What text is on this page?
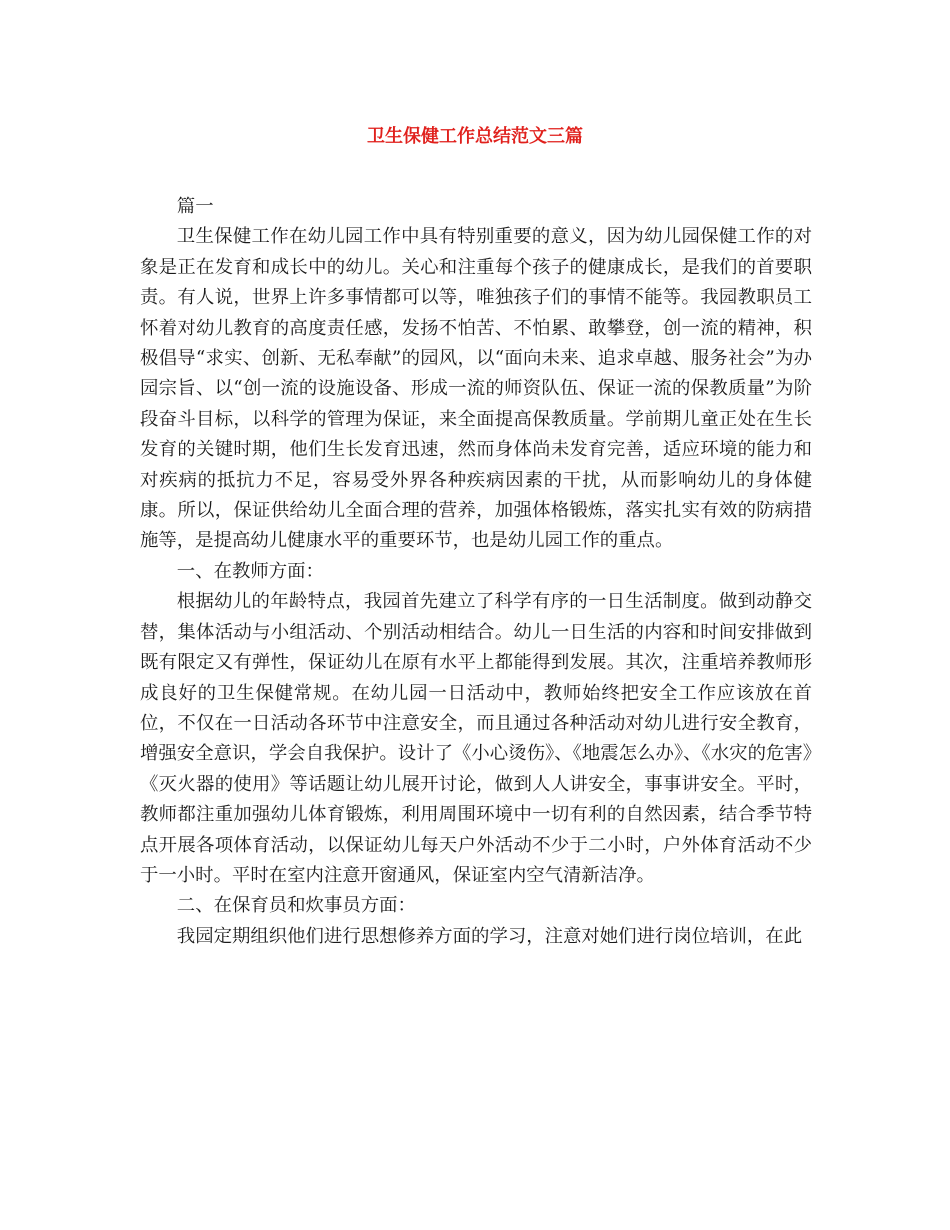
卫生保健工作总结范文三篇

篇一

卫生保健工作在幼儿园工作中具有特别重要的意义，因为幼儿园保健工作的对象是正在发育和成长中的幼儿。关心和注重每个孩子的健康成长，是我们的首要职责。有人说，世界上许多事情都可以等，唯独孩子们的事情不能等。我园教职员工怀着对幼儿教育的高度责任感，发扬不怕苦、不怕累、敢攀登，创一流的精神，积极倡导“求实、创新、无私奉献”的园风，以“面向未来、追求卓越、服务社会”为办园宗旨、以“创一流的设施设备、形成一流的师资队伍、保证一流的保教质量”为阶段奋斗目标，以科学的管理为保证，来全面提高保教质量。学前期儿童正处在生长发育的关键时期，他们生长发育迅速，然而身体尚未发育完善，适应环境的能力和对疾病的抵抗力不足，容易受外界各种疾病因素的干扰，从而影响幼儿的身体健康。所以，保证供给幼儿全面合理的营养，加强体格锻炼，落实扎实有效的防病措施等，是提高幼儿健康水平的重要环节，也是幼儿园工作的重点。

一、在教师方面：

根据幼儿的年龄特点，我园首先建立了科学有序的一日生活制度。做到动静交替，集体活动与小组活动、个别活动相结合。幼儿一日生活的内容和时间安排做到既有限定又有弹性，保证幼儿在原有水平上都能得到发展。其次，注重培养教师形成良好的卫生保健常规。在幼儿园一日活动中，教师始终把安全工作应该放在首位，不仅在一日活动各环节中注意安全，而且通过各种活动对幼儿进行安全教育，增强安全意识，学会自我保护。设计了《小心烫伤》、《地震怎么办》、《水灾的危害》《灭火器的使用》等话题让幼儿展开讨论，做到人人讲安全，事事讲安全。平时，教师都注重加强幼儿体育锻炼，利用周围环境中一切有利的自然因素，结合季节特点开展各项体育活动，以保证幼儿每天户外活动不少于二小时，户外体育活动不少于一小时。平时在室内注意开窗通风，保证室内空气清新洁净。

二、在保育员和炊事员方面：

我园定期组织他们进行思想修养方面的学习，注意对她们进行岗位培训，在此
